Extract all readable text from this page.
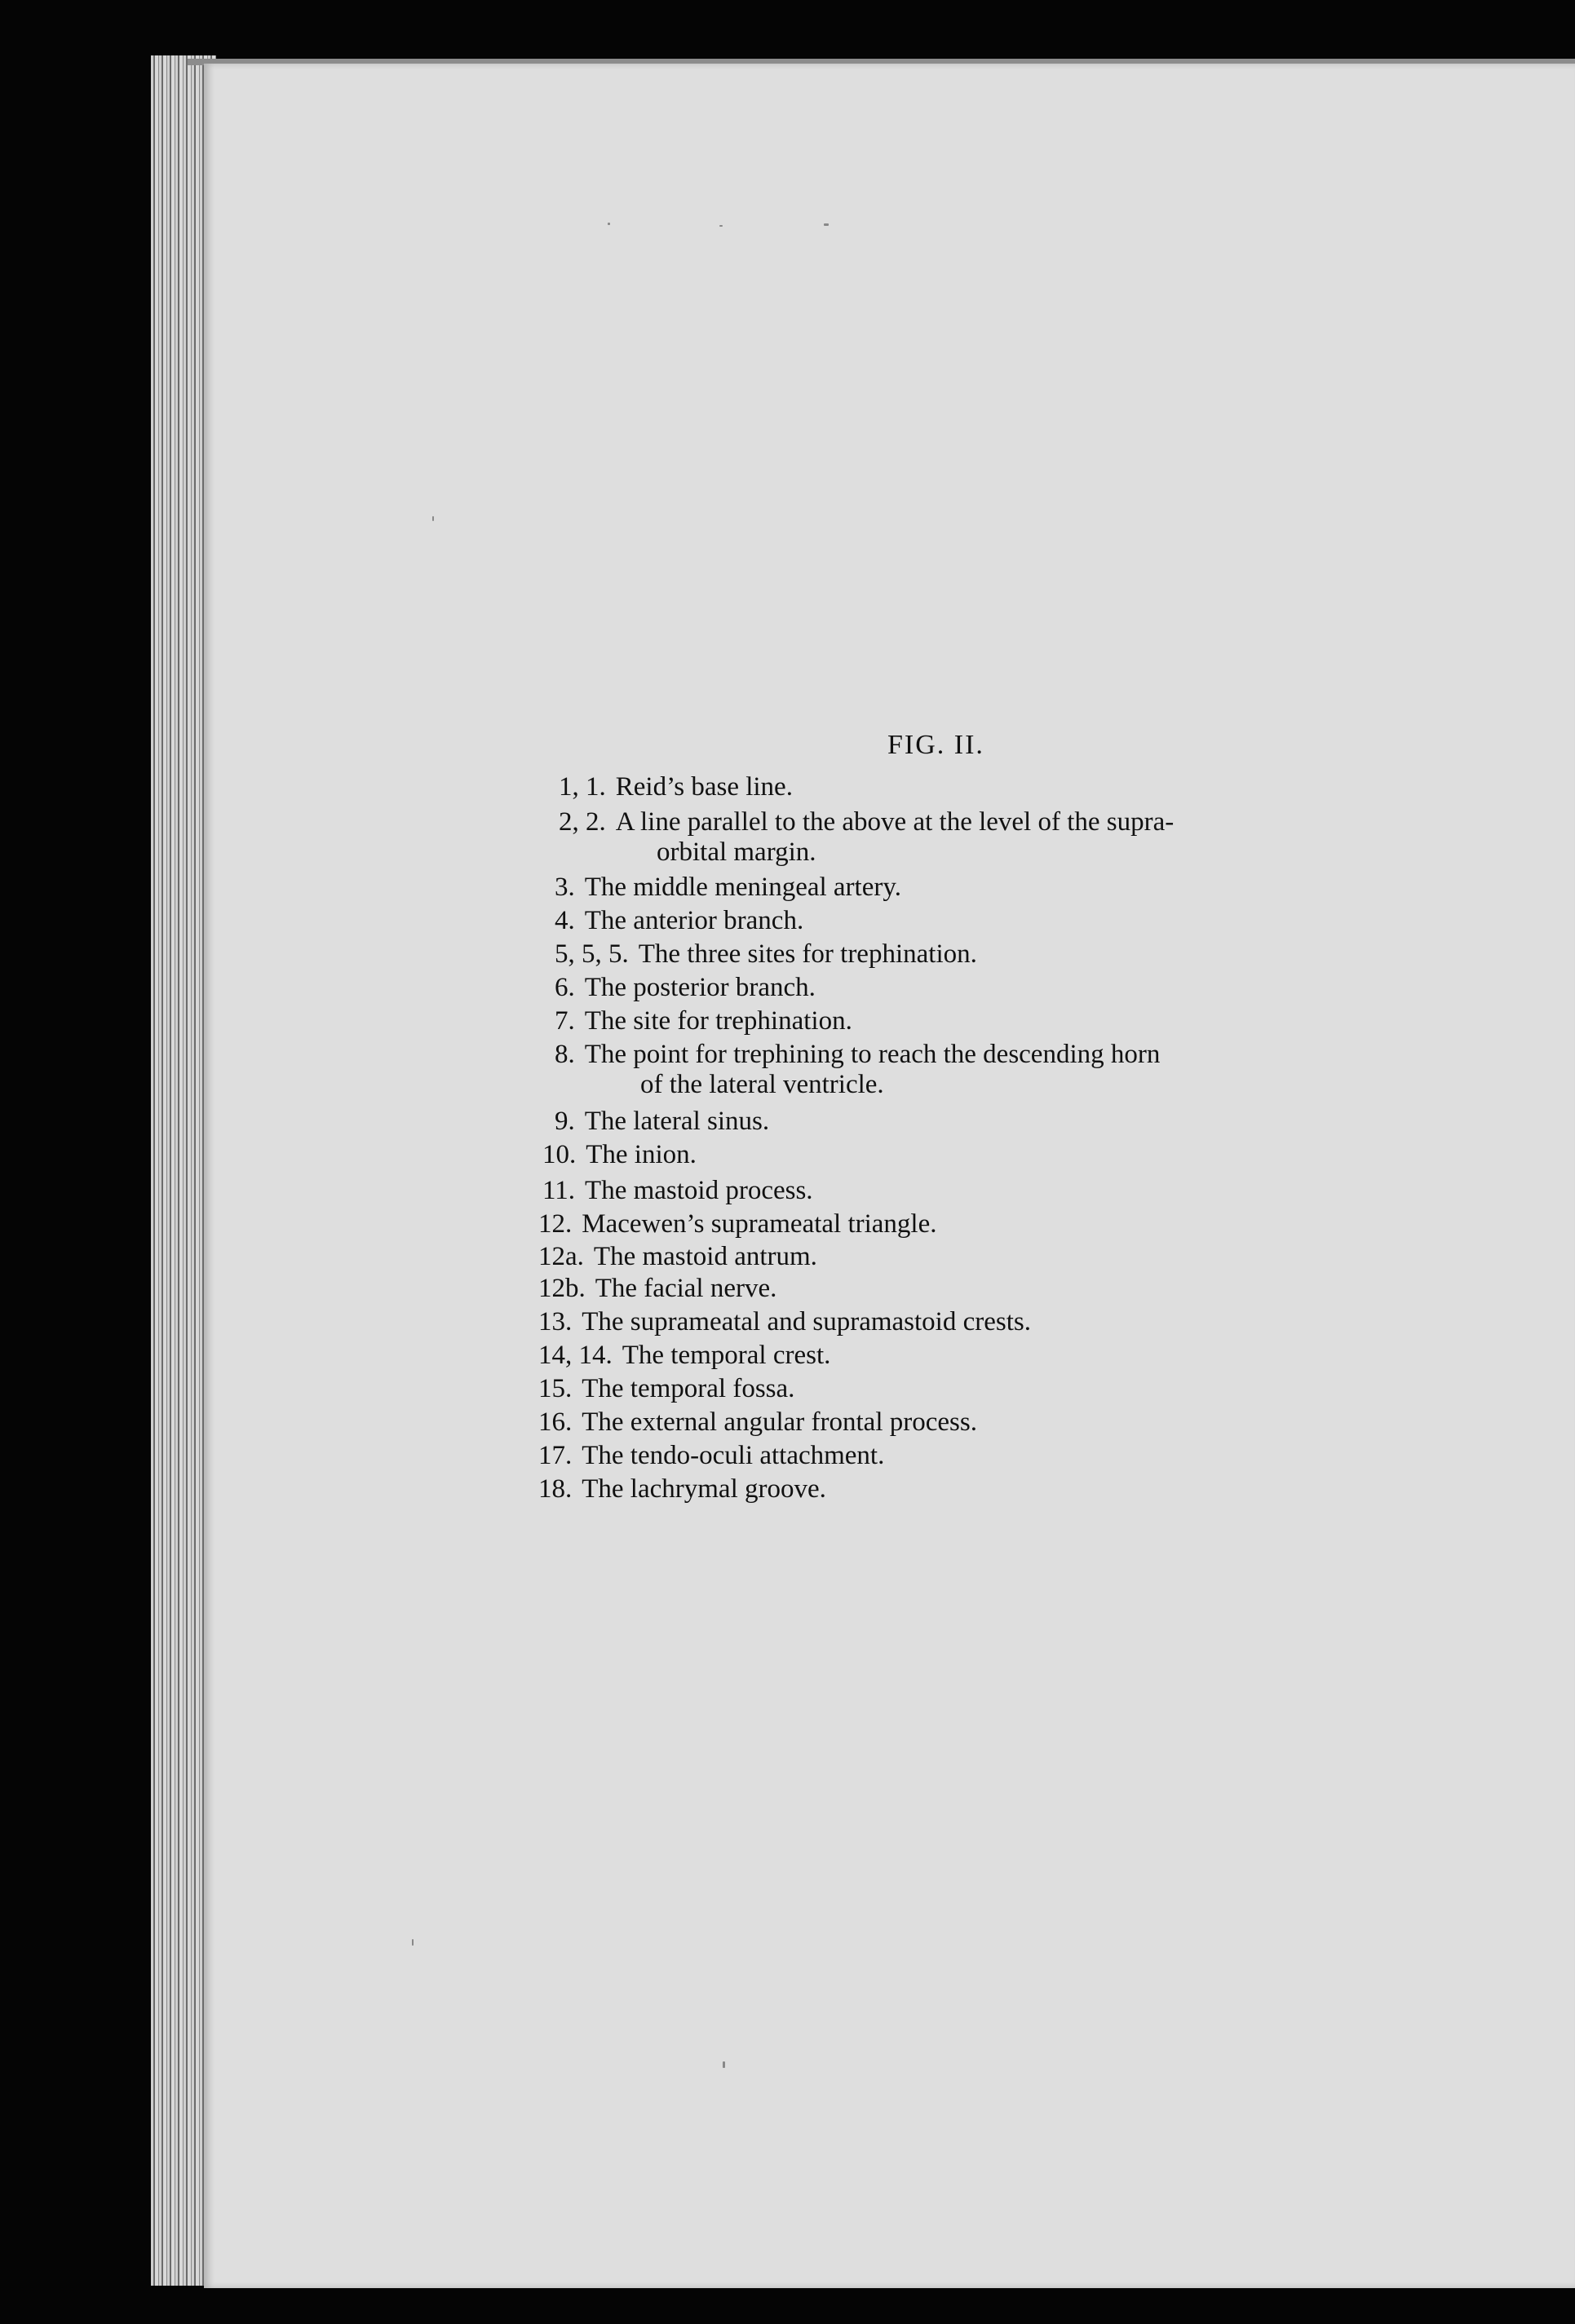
FIG. II.
1, 1. Reid’s base line.
2, 2. A line parallel to the above at the level of the supra-
orbital margin.
3. The middle meningeal artery.
4. The anterior branch.
5, 5, 5. The three sites for trephination.
6. The posterior branch.
7. The site for trephination.
8. The point for trephining to reach the descending horn
of the lateral ventricle.
9. The lateral sinus.
10. The inion.
11. The mastoid process.
12. Macewen’s suprameatal triangle.
12a. The mastoid antrum.
12b. The facial nerve.
13. The suprameatal and supramastoid crests.
14, 14. The temporal crest.
15. The temporal fossa.
16. The external angular frontal process.
17. The tendo-oculi attachment.
18. The lachrymal groove.
